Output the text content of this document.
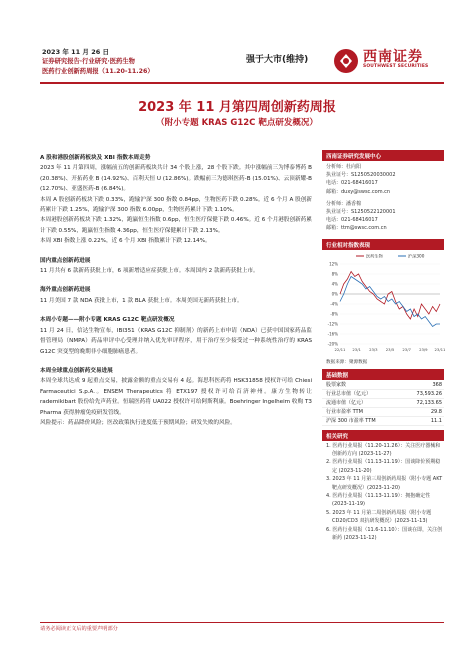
2023 年 11 月 26 日
证券研究报告·行业研究·医药生物
医药行业创新药周报（11.20-11.26）
强于大市(维持)	西南证券
SOUTHWEST SECURITIES
2023 年 11 月第四周创新药周报
（附小专题 KRAS G12C 靶点研发概况）

A 股和港股创新药板块及 XBI 指数本周走势

2023 年 11 月第四周，涨幅前五的创新药板块共计 34 个股上涨，28 个股下跌。其中涨幅前三为博泰博药 B (20.38%)、开拓药业 B (14.92%)、百利天恒 U (12.86%)。跌幅前三为德琪医药-B (15.01%)、云顶新耀-B (12.70%)、亚盛医药-B (6.84%)。

本周 A 股创新药板块下跌 0.33%，跑输沪深 300 指数 0.84pp，生物医药下跌 0.28%。近 6 个月 A 股创新药累计下跌 1.25%，跑输沪深 300 指数 6.00pp，生物医药累计下跌 1.10%。

本周港股创新药板块下跌 1.32%，跑赢恒生指数 0.6pp，恒生医疗保健下跌 0.46%。近 6 个月港股创新药累计下跌 0.55%，跑赢恒生指数 4.36pp，恒生医疗保健累计下跌 2.13%。

本周 XBI 指数上涨 0.22%，近 6 个月 XBI 指数累计下跌 12.14%。

国内重点创新药进展

11 月共有 6 款新药获批上市，6 项新增适应症获批上市。本周国内 2 款新药获批上市。

海外重点创新药进展

11 月美国 7 款 NDA 获批上市，1 款 BLA 获批上市。本周美国无新药获批上市。

本周小专题——附小专题 KRAS G12C 靶点研发概况

11 月 24 日，信达生物宣布，IBI351（KRAS G12C 抑制剂）的新药上市申请（NDA）已获中国国家药品监督管理局（NMPA）药品审评中心受理并纳入优先审评程序，用于治疗至少接受过一种系统性治疗的 KRAS G12C 突变型的晚期非小细胞肺癌患者。

本周全球重点创新药交易进展

本周全球共达成 9 起重点交易，披露金额的重点交易有 4 起。海思科医药将 HSK31858 授权许可给 Chiesi Farmaceutici S.p.A.。ENSEM Therapeutics 将 ETX197 授权许可给百济神州。康方生物转让 rademikibart 股份给先声药业。恒瑞医药将 UA022 授权许可给阿斯利康。Boehringer Ingelheim 收购 T3 Pharma 获得肿瘤免疫研发管线。

风险提示：药品降价风险；医改政策执行进度低于预期风险；研发失败的风险。

西南证券研究发展中心
分析师：杜向阳
执业证号：S1250520030002
电话：021-68416017
邮箱：duxy@swsc.com.cn
分析师：潘香棉
执业证号：S1250522120001
电话：021-68416017
邮箱：ttm@swsc.com.cn
行业相对指数表现
12%
8%
4%
0%
-4%
-8%
-12%
-16%
-20%
22/11 23/1 23/3 23/5 23/7 23/9 23/11
医药生物	沪深300
数据来源：聚源数据
基础数据
股票家数	368
行业总市值（亿元）	73,593.26
流通市值（亿元）	72,133.65
行业市盈率 TTM	29.8
沪深 300 市盈率 TTM	11.1
相关研究
1. 医药行业周报（11.20-11.26）：关注医疗器械和创新药方向 (2023-11-27)
2. 医药行业周报（11.13-11.19）：国谈降价预期稳定 (2023-11-20)
3. 2023 年 11 月第三周创新药周报（附小专题 AKT 靶点研发概况）(2023-11-20)
4. 医药行业周报（11.13-11.19）：拥抱确定性 (2023-11-19)
5. 2023 年 11 月第二周创新药周报（附小专题 CD20/CD3 双抗研发概况）(2023-11-13)
6. 医药行业周报（11.6-11.10）：国谈在即，关注创新药 (2023-11-12)
请务必阅读正文后的重要声明部分
